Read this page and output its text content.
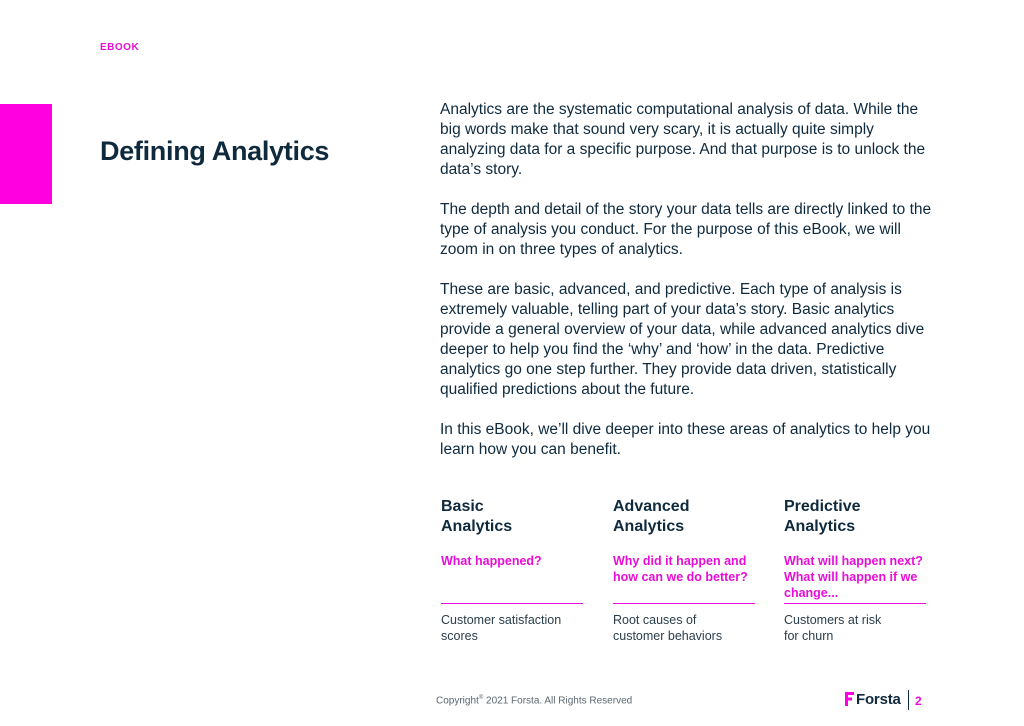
EBOOK
Defining Analytics

Analytics are the systematic computational analysis of data. While the big words make that sound very scary, it is actually quite simply analyzing data for a specific purpose. And that purpose is to unlock the data’s story.

The depth and detail of the story your data tells are directly linked to the type of analysis you conduct. For the purpose of this eBook, we will zoom in on three types of analytics.

These are basic, advanced, and predictive. Each type of analysis is extremely valuable, telling part of your data’s story. Basic analytics provide a general overview of your data, while advanced analytics dive deeper to help you find the ‘why’ and ‘how’ in the data. Predictive analytics go one step further. They provide data driven, statistically qualified predictions about the future.

In this eBook, we’ll dive deeper into these areas of analytics to help you learn how you can benefit.

Basic
Analytics
What happened?
Customer satisfaction
scores
Advanced
Analytics
Why did it happen and how can we do better?
Root causes of
customer behaviors
Predictive
Analytics
What will happen next? What will happen if we change...
Customers at risk
for churn
Copyright® 2021 Forsta. All Rights Reserved	Forsta 2
